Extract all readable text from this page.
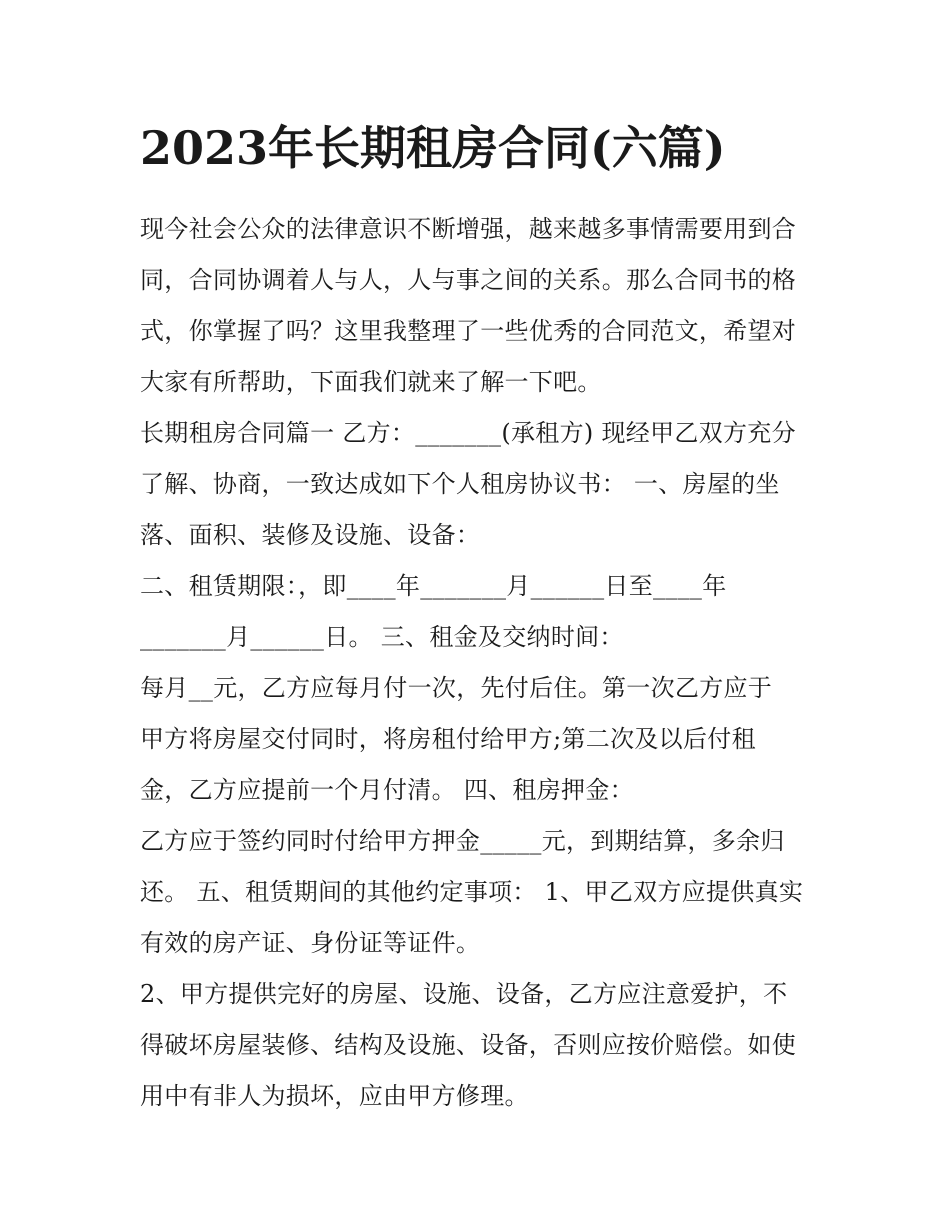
2023年长期租房合同(六篇)
现今社会公众的法律意识不断增强，越来越多事情需要用到合
同，合同协调着人与人，人与事之间的关系。那么合同书的格
式，你掌握了吗？这里我整理了一些优秀的合同范文，希望对
大家有所帮助，下面我们就来了解一下吧。
长期租房合同篇一 乙方：_______(承租方) 现经甲乙双方充分
了解、协商，一致达成如下个人租房协议书： 一、房屋的坐
落、面积、装修及设施、设备：
二、租赁期限：，即____年_______月______日至____年
_______月______日。 三、租金及交纳时间：
每月__元，乙方应每月付一次，先付后住。第一次乙方应于
甲方将房屋交付同时，将房租付给甲方;第二次及以后付租
金，乙方应提前一个月付清。 四、租房押金：
乙方应于签约同时付给甲方押金_____元，到期结算，多余归
还。 五、租赁期间的其他约定事项： 1、甲乙双方应提供真实
有效的房产证、身份证等证件。
2、甲方提供完好的房屋、设施、设备，乙方应注意爱护，不
得破坏房屋装修、结构及设施、设备，否则应按价赔偿。如使
用中有非人为损坏，应由甲方修理。
